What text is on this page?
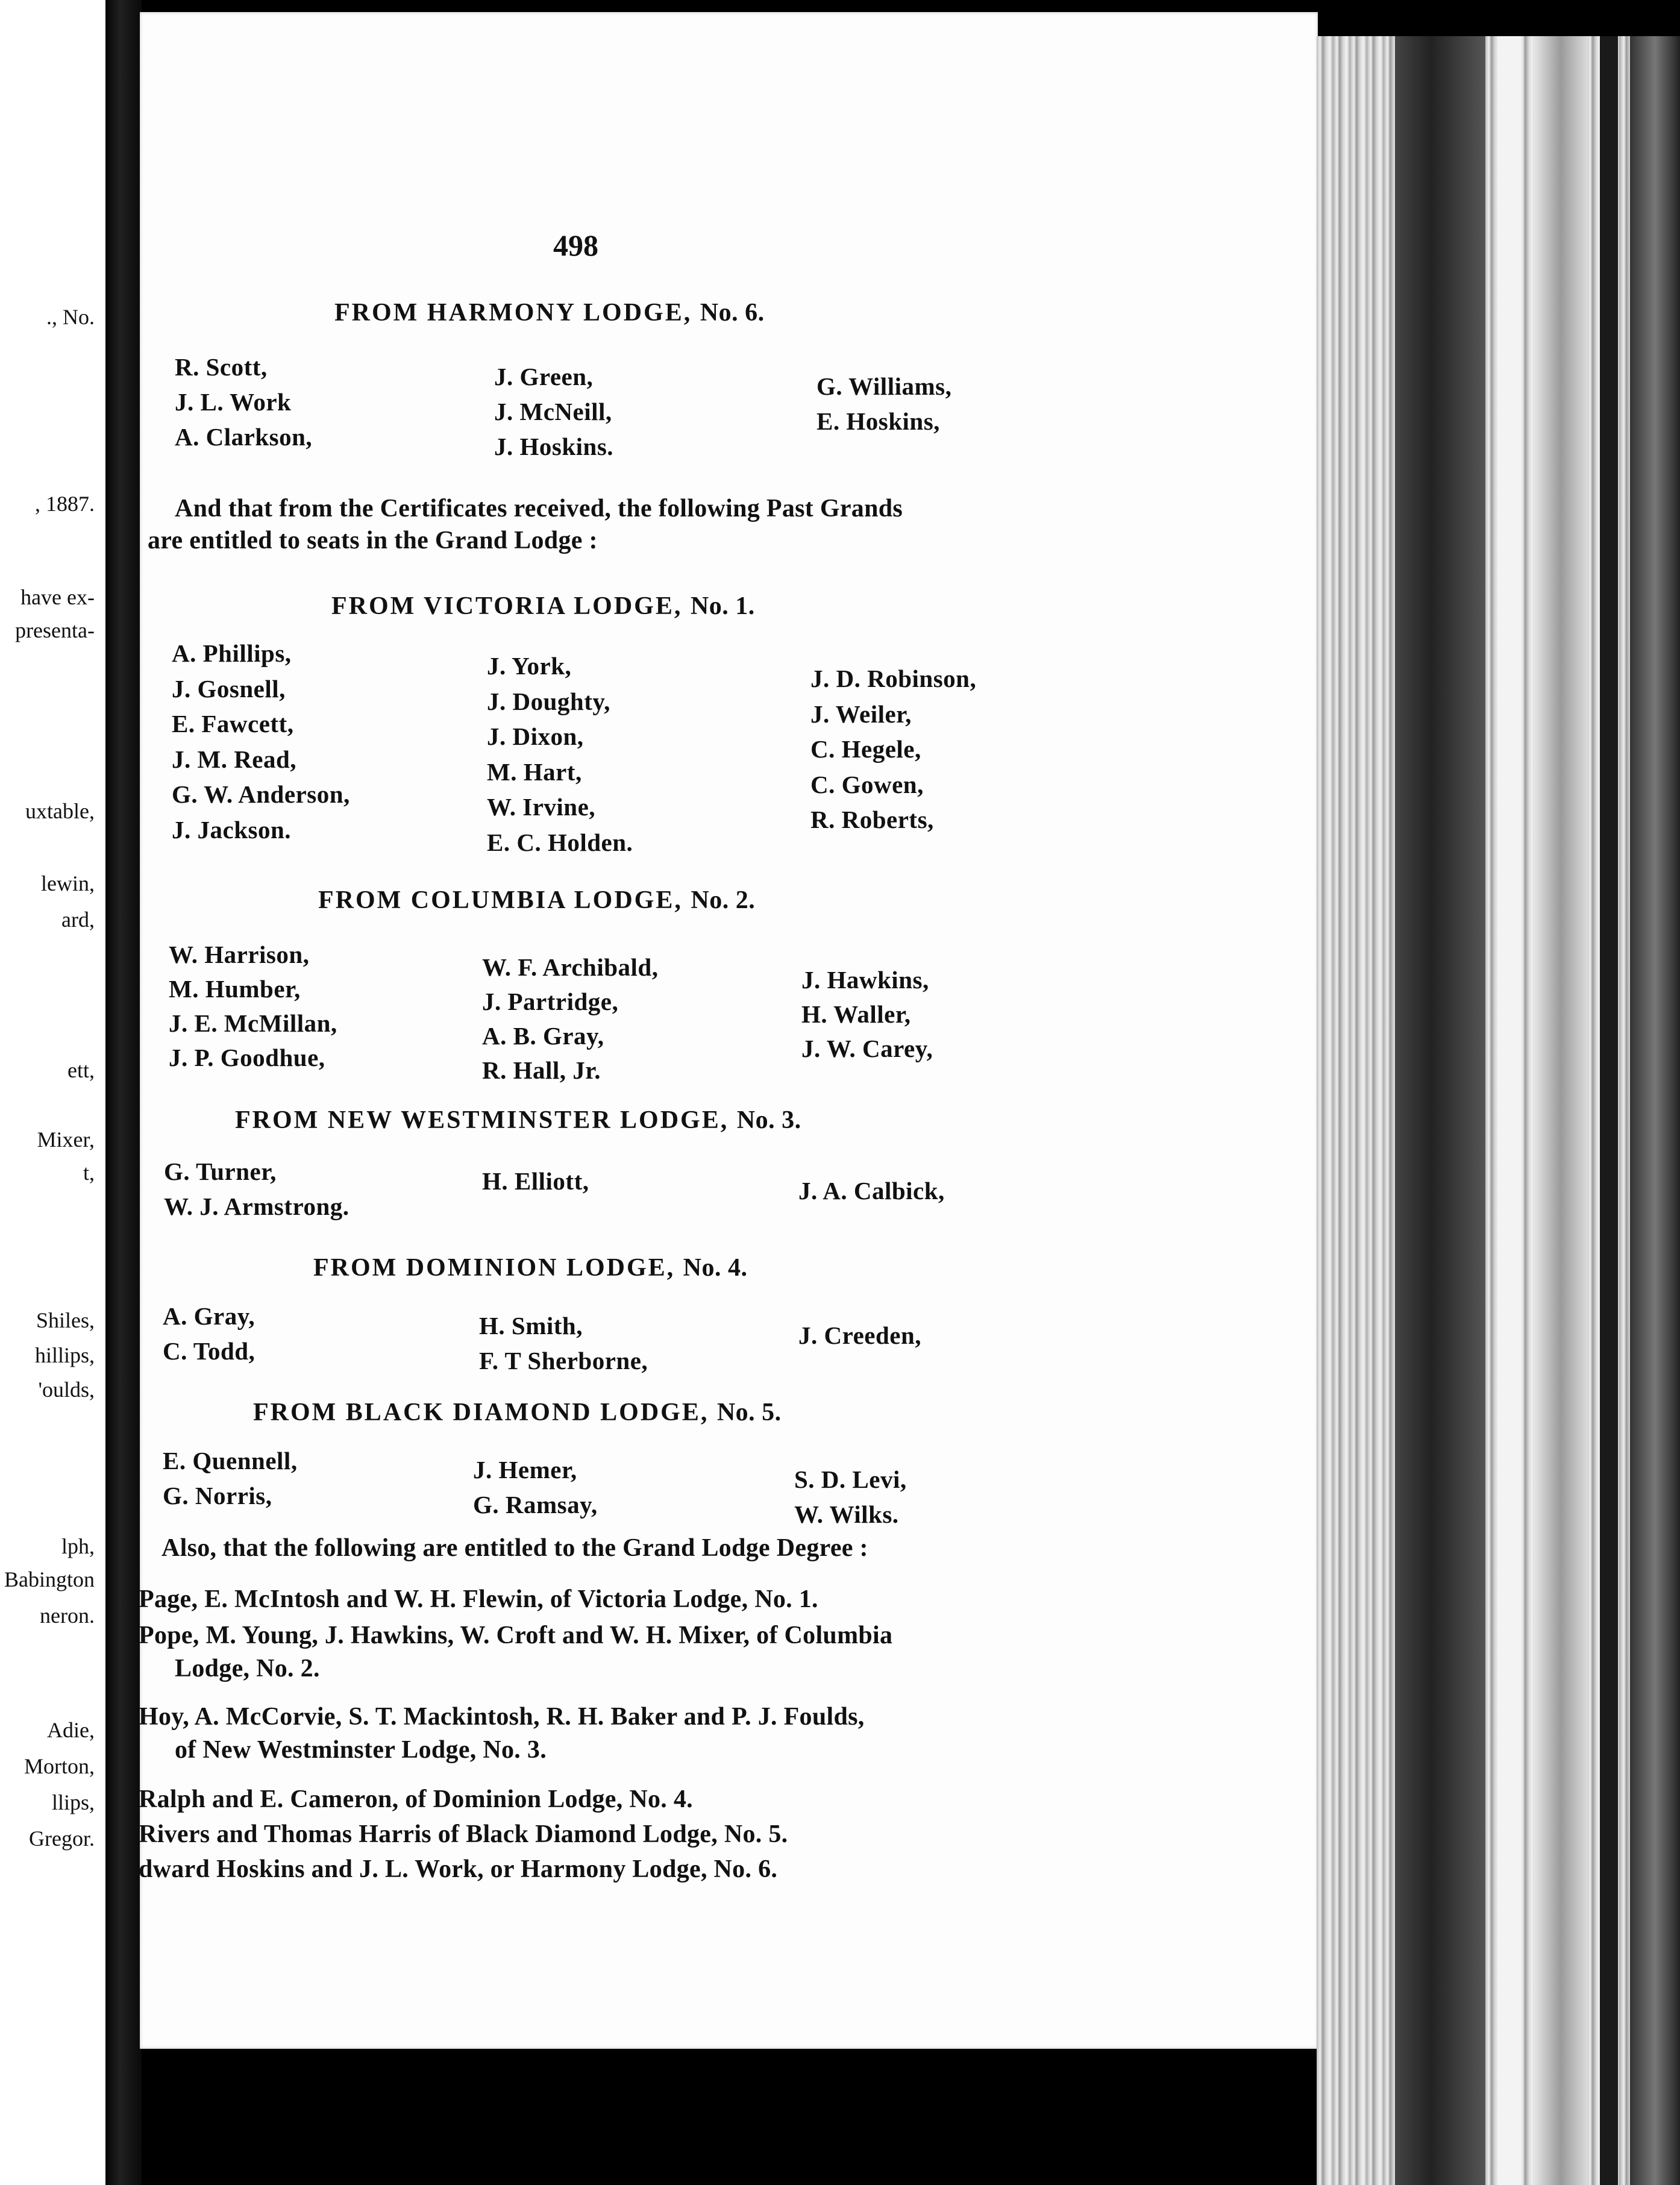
., No.
, 1887.
have ex-
presenta-
uxtable,
lewin,
ard,
ett,
Mixer,
t,
Shiles,
hillips,
'oulds,
lph,
Babington
neron.
Adie,
Morton,
llips,
Gregor.
498
FROM HARMONY LODGE, No. 6.
R. Scott,
J. L. Work
A. Clarkson,
J. Green,
J. McNeill,
J. Hoskins.
G. Williams,
E. Hoskins,
And that from the Certificates received, the following Past Grands
are entitled to seats in the Grand Lodge :
FROM VICTORIA LODGE, No. 1.
A. Phillips,
J. Gosnell,
E. Fawcett,
J. M. Read,
G. W. Anderson,
J. Jackson.
J. York,
J. Doughty,
J. Dixon,
M. Hart,
W. Irvine,
E. C. Holden.
J. D. Robinson,
J. Weiler,
C. Hegele,
C. Gowen,
R. Roberts,
FROM COLUMBIA LODGE, No. 2.
W. Harrison,
M. Humber,
J. E. McMillan,
J. P. Goodhue,
W. F. Archibald,
J. Partridge,
A. B. Gray,
R. Hall, Jr.
J. Hawkins,
H. Waller,
J. W. Carey,
FROM NEW WESTMINSTER LODGE, No. 3.
G. Turner,
W. J. Armstrong.
H. Elliott,	J. A. Calbick,
FROM DOMINION LODGE, No. 4.
A. Gray,
C. Todd,
H. Smith,
F. T Sherborne,
J. Creeden,
FROM BLACK DIAMOND LODGE, No. 5.
E. Quennell,
G. Norris,
J. Hemer,
G. Ramsay,
S. D. Levi,
W. Wilks.
Also, that the following are entitled to the Grand Lodge Degree :
Page, E. McIntosh and W. H. Flewin, of Victoria Lodge, No. 1.
Pope, M. Young, J. Hawkins, W. Croft and W. H. Mixer, of Columbia
Lodge, No. 2.
Hoy, A. McCorvie, S. T. Mackintosh, R. H. Baker and P. J. Foulds,
of New Westminster Lodge, No. 3.
Ralph and E. Cameron, of Dominion Lodge, No. 4.
Rivers and Thomas Harris of Black Diamond Lodge, No. 5.
dward Hoskins and J. L. Work, or Harmony Lodge, No. 6.
